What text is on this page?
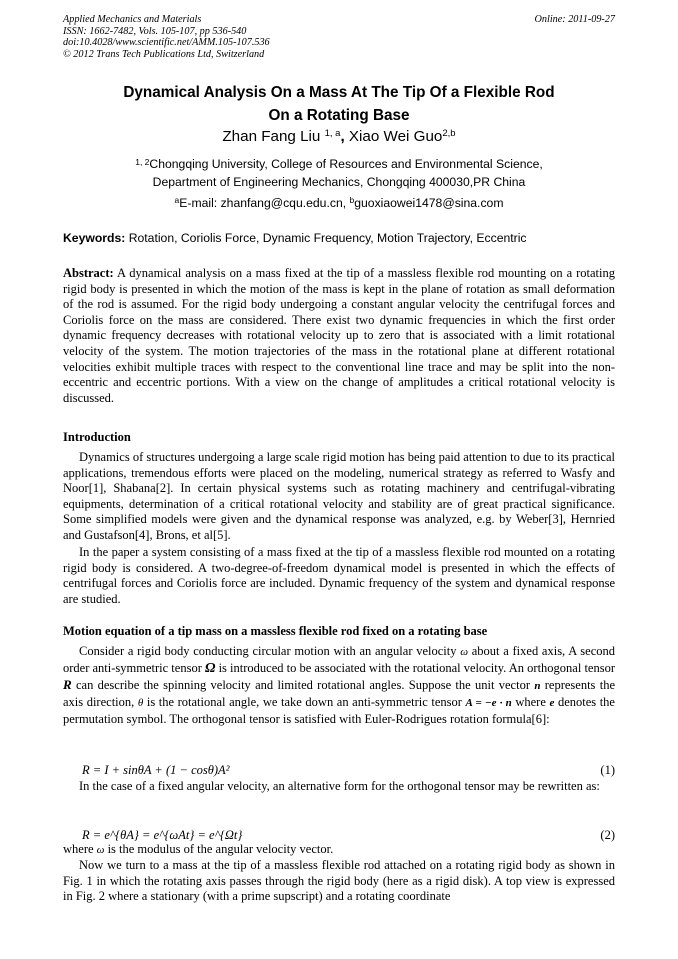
Applied Mechanics and Materials	Online: 2011-09-27
ISSN: 1662-7482, Vols. 105-107, pp 536-540
doi:10.4028/www.scientific.net/AMM.105-107.536
© 2012 Trans Tech Publications Ltd, Switzerland
Dynamical Analysis On a Mass At The Tip Of a Flexible Rod
On a Rotating Base
Zhan Fang Liu $^{1, a}$, Xiao Wei Guo$^{2,b}$
$^{1, 2}$Chongqing University, College of Resources and Environmental Science,
Department of Engineering Mechanics, Chongqing 400030,PR China
$^a$E-mail: zhanfang@cqu.edu.cn, $^b$guoxiaowei1478@sina.com
Keywords: Rotation, Coriolis Force, Dynamic Frequency, Motion Trajectory, Eccentric
Abstract: A dynamical analysis on a mass fixed at the tip of a massless flexible rod mounting on a rotating rigid body is presented in which the motion of the mass is kept in the plane of rotation as small deformation of the rod is assumed. For the rigid body undergoing a constant angular velocity the centrifugal forces and Coriolis force on the mass are considered. There exist two dynamic frequencies in which the first order dynamic frequency decreases with rotational velocity up to zero that is associated with a limit rotational velocity of the system. The motion trajectories of the mass in the rotational plane at different rotational velocities exhibit multiple traces with respect to the conventional line trace and may be split into the non-eccentric and eccentric portions. With a view on the change of amplitudes a critical rotational velocity is discussed.
Introduction
Dynamics of structures undergoing a large scale rigid motion has being paid attention to due to its practical applications, tremendous efforts were placed on the modeling, numerical strategy as referred to Wasfy and Noor[1], Shabana[2]. In certain physical systems such as rotating machinery and centrifugal-vibrating equipments, determination of a critical rotational velocity and stability are of great practical significance. Some simplified models were given and the dynamical response was analyzed, e.g. by Weber[3], Hernried and Gustafson[4], Brons, et al[5].
In the paper a system consisting of a mass fixed at the tip of a massless flexible rod mounted on a rotating rigid body is considered. A two-degree-of-freedom dynamical model is presented in which the effects of centrifugal forces and Coriolis force are included. Dynamic frequency of the system and dynamical response are studied.
Motion equation of a tip mass on a massless flexible rod fixed on a rotating base
Consider a rigid body conducting circular motion with an angular velocity ω about a fixed axis, A second order anti-symmetric tensor Ω is introduced to be associated with the rotational velocity. An orthogonal tensor R can describe the spinning velocity and limited rotational angles. Suppose the unit vector n represents the axis direction, θ is the rotational angle, we take down an anti-symmetric tensor A = −e · n where e denotes the permutation symbol. The orthogonal tensor is satisfied with Euler-Rodrigues rotation formula[6]:
R = I + sinθA + (1 − cosθ)A²	(1)
In the case of a fixed angular velocity, an alternative form for the orthogonal tensor may be rewritten as:
R = e^{θA} = e^{ωAt} = e^{Ωt}	(2)
where ω is the modulus of the angular velocity vector.
Now we turn to a mass at the tip of a massless flexible rod attached on a rotating rigid body as shown in Fig. 1 in which the rotating axis passes through the rigid body (here as a rigid disk). A top view is expressed in Fig. 2 where a stationary (with a prime supscript) and a rotating coordinate
